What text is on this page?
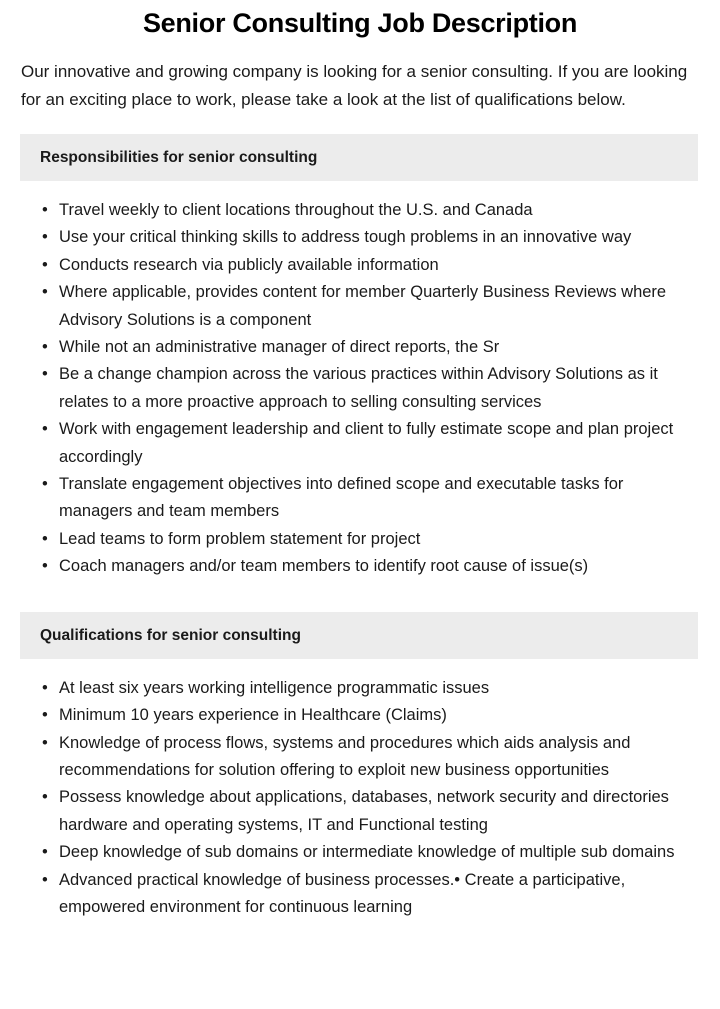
Senior Consulting Job Description

Our innovative and growing company is looking for a senior consulting. If you are looking for an exciting place to work, please take a look at the list of qualifications below.

Responsibilities for senior consulting
• Travel weekly to client locations throughout the U.S. and Canada
• Use your critical thinking skills to address tough problems in an innovative way
• Conducts research via publicly available information
• Where applicable, provides content for member Quarterly Business Reviews where Advisory Solutions is a component
• While not an administrative manager of direct reports, the Sr
• Be a change champion across the various practices within Advisory Solutions as it relates to a more proactive approach to selling consulting services
• Work with engagement leadership and client to fully estimate scope and plan project accordingly
• Translate engagement objectives into defined scope and executable tasks for managers and team members
• Lead teams to form problem statement for project
• Coach managers and/or team members to identify root cause of issue(s)
Qualifications for senior consulting
• At least six years working intelligence programmatic issues
• Minimum 10 years experience in Healthcare (Claims)
• Knowledge of process flows, systems and procedures which aids analysis and recommendations for solution offering to exploit new business opportunities
• Possess knowledge about applications, databases, network security and directories hardware and operating systems, IT and Functional testing
• Deep knowledge of sub domains or intermediate knowledge of multiple sub domains
• Advanced practical knowledge of business processes.• Create a participative, empowered environment for continuous learning
